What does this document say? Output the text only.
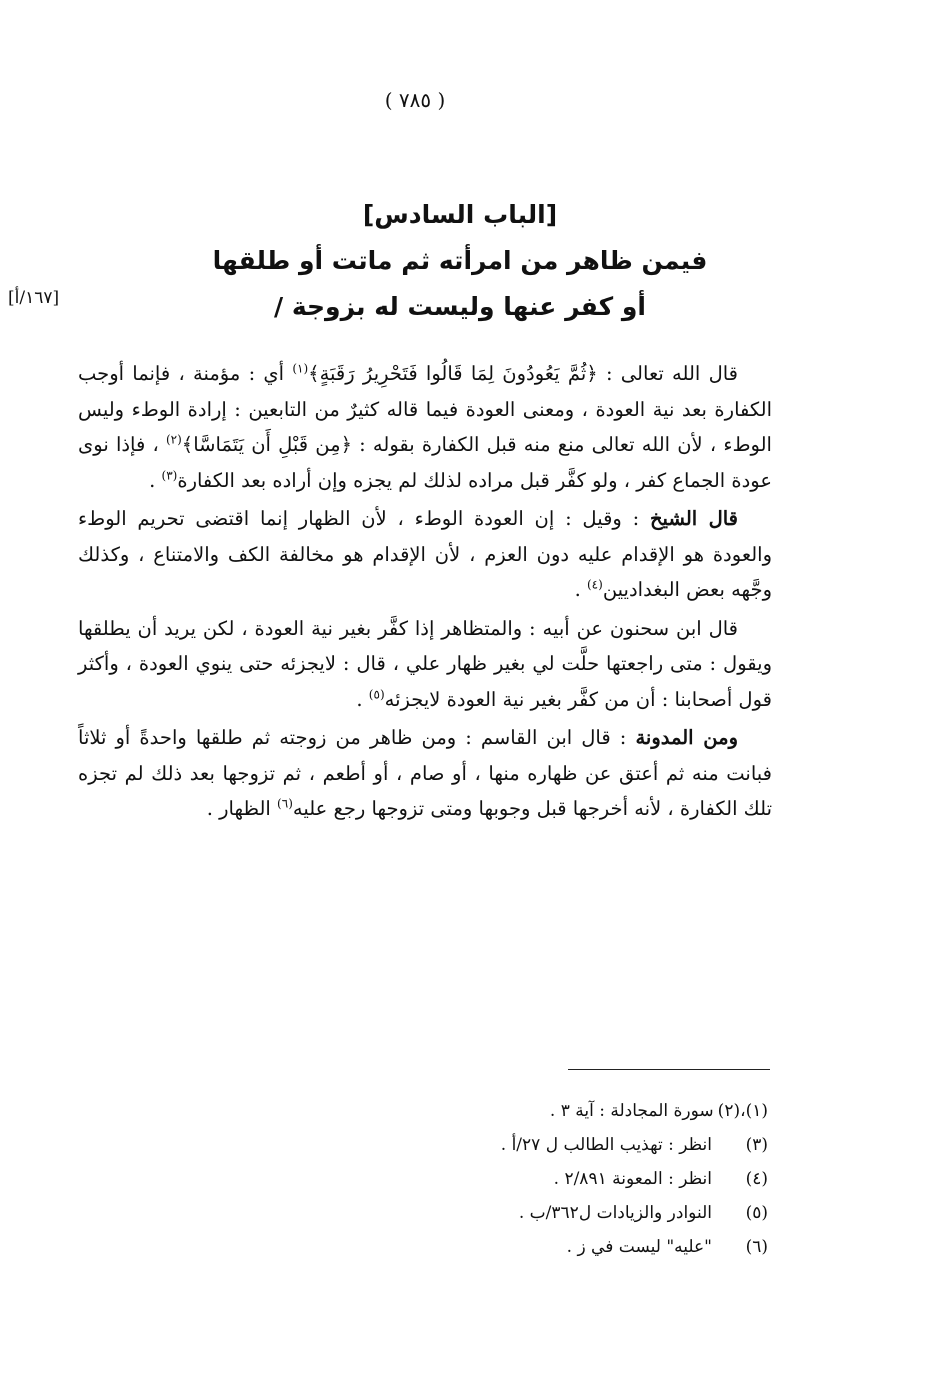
( ٧٨٥ )
[١٦٧/أ]
[الباب السادس]
فيمن ظاهر من امرأته ثم ماتت أو طلقها
أو كفر عنها وليست له بزوجة /

قال الله تعالى : ﴿ثُمَّ يَعُودُونَ لِمَا قَالُوا فَتَحْرِيرُ رَقَبَةٍ﴾$^{(١)}$ أي : مؤمنة ، فإنما أوجب الكفارة بعد نية العودة ، ومعنى العودة فيما قاله كثيرٌ من التابعين : إرادة الوطء وليس الوطء ، لأن الله تعالى منع منه قبل الكفارة بقوله : ﴿مِن قَبْلِ أَن يَتَمَاسَّا﴾$^{(٢)}$ ، فإذا نوى عودة الجماع كفر ، ولو كفَّر قبل مراده لذلك لم يجزه وإن أراده بعد الكفارة$^{(٣)}$ .

قال الشيخ : وقيل : إن العودة الوطء ، لأن الظهار إنما اقتضى تحريم الوطء والعودة هو الإقدام عليه دون العزم ، لأن الإقدام هو مخالفة الكف والامتناع ، وكذلك وجَّهه بعض البغداديين$^{(٤)}$ .

قال ابن سحنون عن أبيه : والمتظاهر إذا كفَّر بغير نية العودة ، لكن يريد أن يطلقها ويقول : متى راجعتها حلَّت لي بغير ظهار علي ، قال : لايجزئه حتى ينوي العودة ، وأكثر قول أصحابنا : أن من كفَّر بغير نية العودة لايجزئه$^{(٥)}$ .

ومن المدونة : قال ابن القاسم : ومن ظاهر من زوجته ثم طلقها واحدةً أو ثلاثاً فبانت منه ثم أعتق عن ظهاره منها ، أو صام ، أو أطعم ، ثم تزوجها بعد ذلك لم تجزه تلك الكفارة ، لأنه أخرجها قبل وجوبها ومتى تزوجها رجع عليه$^{(٦)}$ الظهار .

(١)،(٢)
سورة المجادلة : آية ٣ .
(٣)
انظر : تهذيب الطالب ل ٢٧/أ .
(٤)
انظر : المعونة ٢/٨٩١ .
(٥)
النوادر والزيادات ل٣٦٢/ب .
(٦)
"عليه" ليست في ز .
